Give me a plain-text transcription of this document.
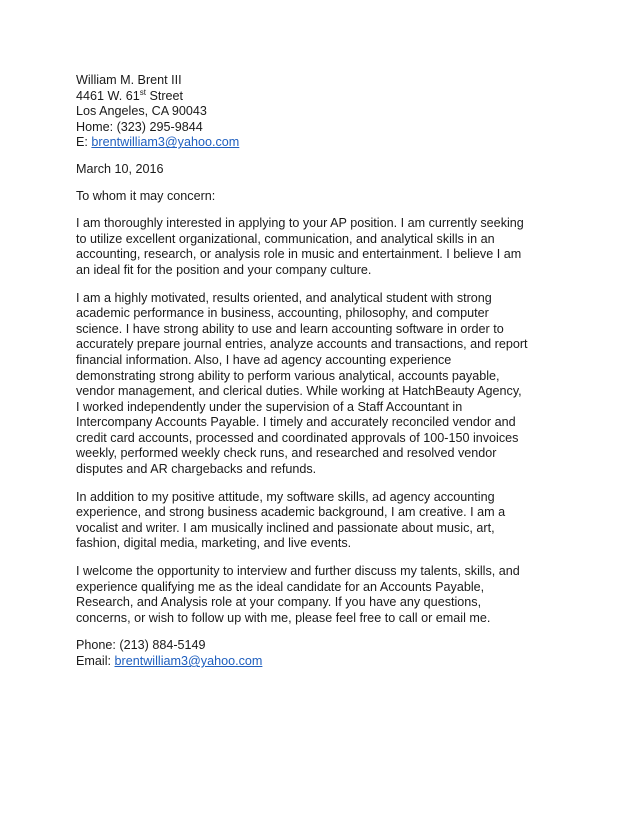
William M. Brent III
4461 W. 61st Street
Los Angeles, CA 90043
Home: (323) 295-9844
E: brentwilliam3@yahoo.com
March 10, 2016
To whom it may concern:
I am thoroughly interested in applying to your AP position. I am currently seeking
to utilize excellent organizational, communication, and analytical skills in an
accounting, research, or analysis role in music and entertainment. I believe I am
an ideal fit for the position and your company culture.
I am a highly motivated, results oriented, and analytical student with strong
academic performance in business, accounting, philosophy, and computer
science. I have strong ability to use and learn accounting software in order to
accurately prepare journal entries, analyze accounts and transactions, and report
financial information. Also, I have ad agency accounting experience
demonstrating strong ability to perform various analytical, accounts payable,
vendor management, and clerical duties. While working at HatchBeauty Agency,
I worked independently under the supervision of a Staff Accountant in
Intercompany Accounts Payable. I timely and accurately reconciled vendor and
credit card accounts, processed and coordinated approvals of 100-150 invoices
weekly, performed weekly check runs, and researched and resolved vendor
disputes and AR chargebacks and refunds.
In addition to my positive attitude, my software skills, ad agency accounting
experience, and strong business academic background, I am creative. I am a
vocalist and writer. I am musically inclined and passionate about music, art,
fashion, digital media, marketing, and live events.
I welcome the opportunity to interview and further discuss my talents, skills, and
experience qualifying me as the ideal candidate for an Accounts Payable,
Research, and Analysis role at your company. If you have any questions,
concerns, or wish to follow up with me, please feel free to call or email me.
Phone: (213) 884-5149
Email: brentwilliam3@yahoo.com
